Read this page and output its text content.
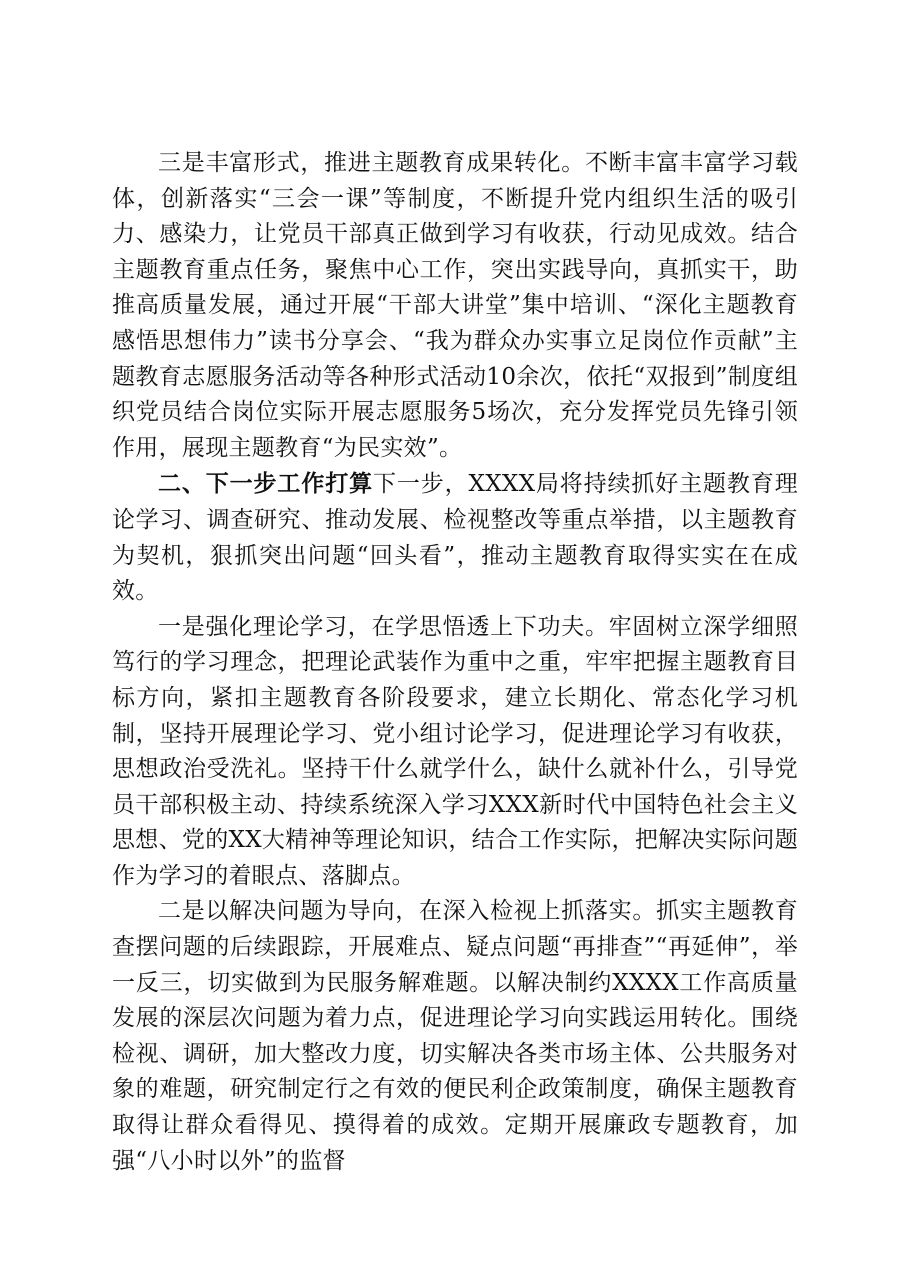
三是丰富形式，推进主题教育成果转化。不断丰富丰富学习载体，创新落实“三会一课”等制度，不断提升党内组织生活的吸引力、感染力，让党员干部真正做到学习有收获，行动见成效。结合主题教育重点任务，聚焦中心工作，突出实践导向，真抓实干，助推高质量发展，通过开展“干部大讲堂”集中培训、“深化主题教育感悟思想伟力”读书分享会、“我为群众办实事立足岗位作贡献”主题教育志愿服务活动等各种形式活动10余次，依托“双报到”制度组织党员结合岗位实际开展志愿服务5场次，充分发挥党员先锋引领作用，展现主题教育“为民实效”。

二、下一步工作打算下一步，XXXX局将持续抓好主题教育理论学习、调查研究、推动发展、检视整改等重点举措，以主题教育为契机，狠抓突出问题“回头看”，推动主题教育取得实实在在成效。

一是强化理论学习，在学思悟透上下功夫。牢固树立深学细照笃行的学习理念，把理论武装作为重中之重，牢牢把握主题教育目标方向，紧扣主题教育各阶段要求，建立长期化、常态化学习机制，坚持开展理论学习、党小组讨论学习，促进理论学习有收获，思想政治受洗礼。坚持干什么就学什么，缺什么就补什么，引导党员干部积极主动、持续系统深入学习XXX新时代中国特色社会主义思想、党的XX大精神等理论知识，结合工作实际，把解决实际问题作为学习的着眼点、落脚点。

二是以解决问题为导向，在深入检视上抓落实。抓实主题教育查摆问题的后续跟踪，开展难点、疑点问题“再排查”“再延伸”，举一反三，切实做到为民服务解难题。以解决制约XXXX工作高质量发展的深层次问题为着力点，促进理论学习向实践运用转化。围绕检视、调研，加大整改力度，切实解决各类市场主体、公共服务对象的难题，研究制定行之有效的便民利企政策制度，确保主题教育取得让群众看得见、摸得着的成效。定期开展廉政专题教育，加强“八小时以外”的监督
